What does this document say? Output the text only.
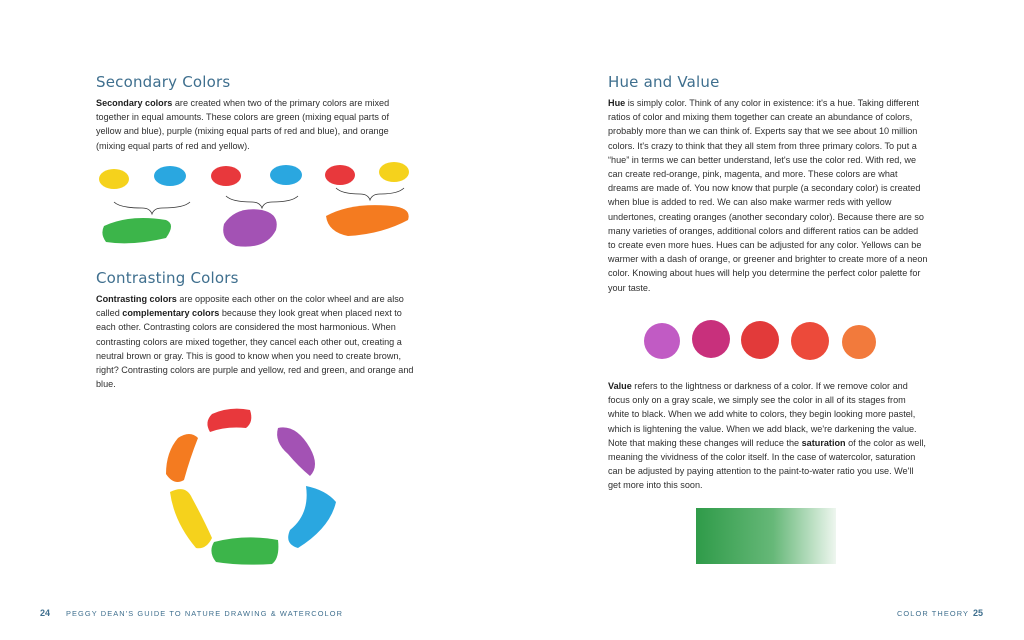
Secondary Colors

Secondary colors are created when two of the primary colors are mixed together in equal amounts. These colors are green (mixing equal parts of yellow and blue), purple (mixing equal parts of red and blue), and orange (mixing equal parts of red and yellow).

Contrasting Colors

Contrasting colors are opposite each other on the color wheel and are also called complementary colors because they look great when placed next to each other. Contrasting colors are considered the most harmonious. When contrasting colors are mixed together, they cancel each other out, creating a neutral brown or gray. This is good to know when you need to create brown, right? Contrasting colors are purple and yellow, red and green, and orange and blue.

24 PEGGY DEAN'S GUIDE TO NATURE DRAWING & WATERCOLOR
Hue and Value

Hue is simply color. Think of any color in existence: it's a hue. Taking different ratios of color and mixing them together can create an abundance of colors, probably more than we can think of. Experts say that we see about 10 million colors. It's crazy to think that they all stem from three primary colors. To put a “hue” in terms we can better understand, let's use the color red. With red, we can create red-orange, pink, magenta, and more. These colors are what dreams are made of. You now know that purple (a secondary color) is created when blue is added to red. We can also make warmer reds with yellow undertones, creating oranges (another secondary color). Because there are so many varieties of oranges, additional colors and different ratios can be added to create even more hues. Hues can be adjusted for any color. Yellows can be warmer with a dash of orange, or greener and brighter to create more of a neon color. Knowing about hues will help you determine the perfect color palette for your taste.

Value refers to the lightness or darkness of a color. If we remove color and focus only on a gray scale, we simply see the color in all of its stages from white to black. When we add white to colors, they begin looking more pastel, which is lightening the value. When we add black, we're darkening the value. Note that making these changes will reduce the saturation of the color as well, meaning the vividness of the color itself. In the case of watercolor, saturation can be adjusted by paying attention to the paint-to-water ratio you use. We'll get more into this soon.

COLOR THEORY 25
